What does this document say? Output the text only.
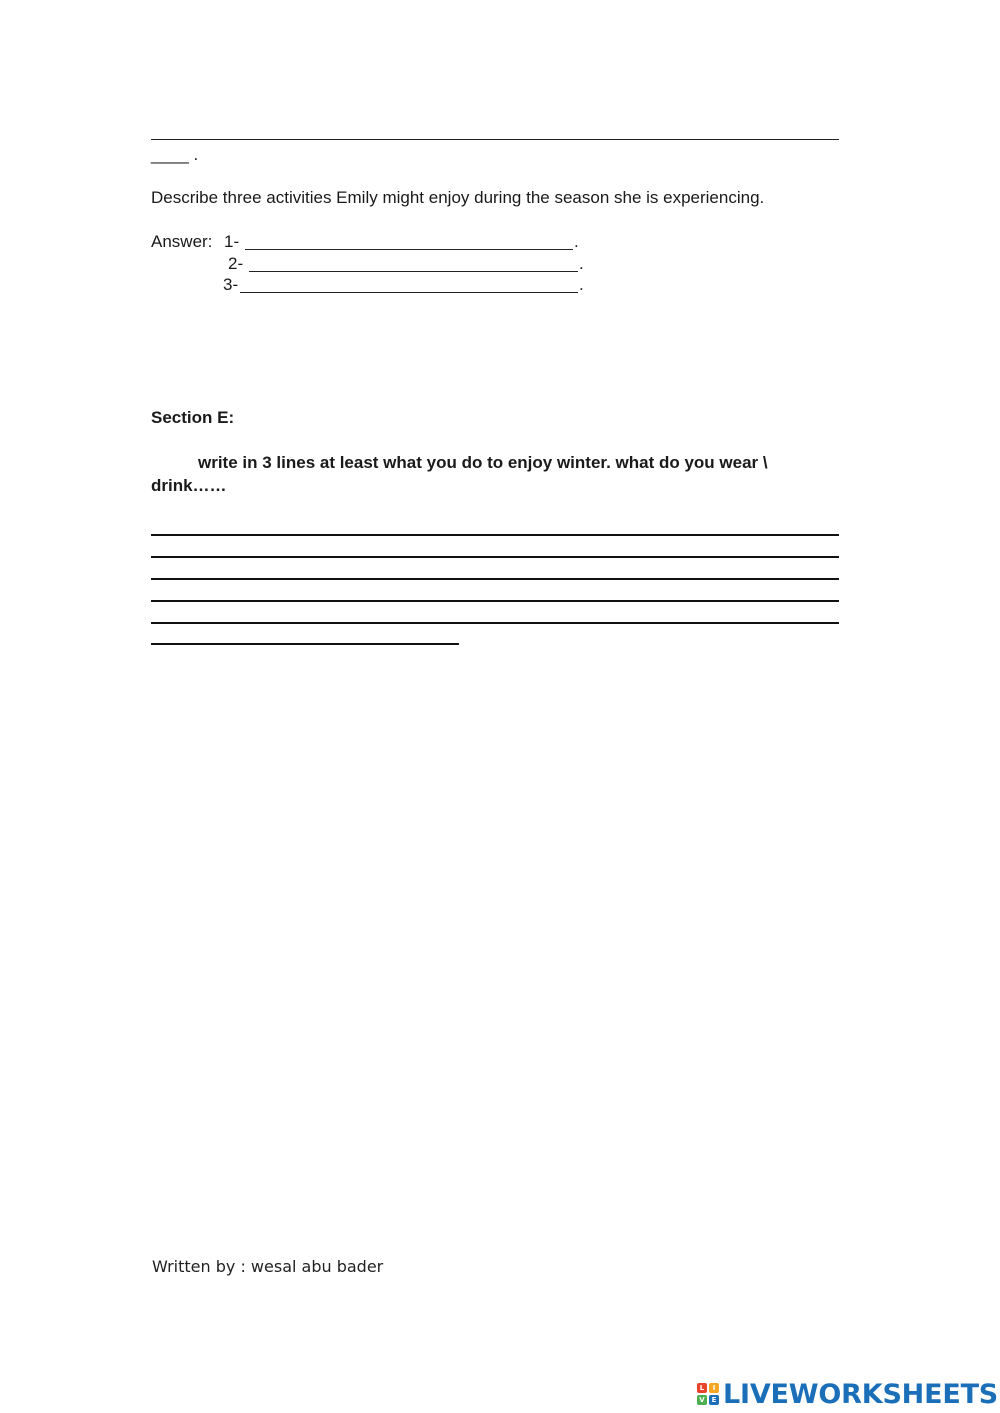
____ .
Describe three activities Emily might enjoy during the season she is experiencing.
Answer: 1-	.
2-	.
3-	.
Section E:
write in 3 lines at least what you do to enjoy winter. what do you wear \
drink……
Written by : wesal abu bader
L	I
V E LIVEWORKSHEETS
